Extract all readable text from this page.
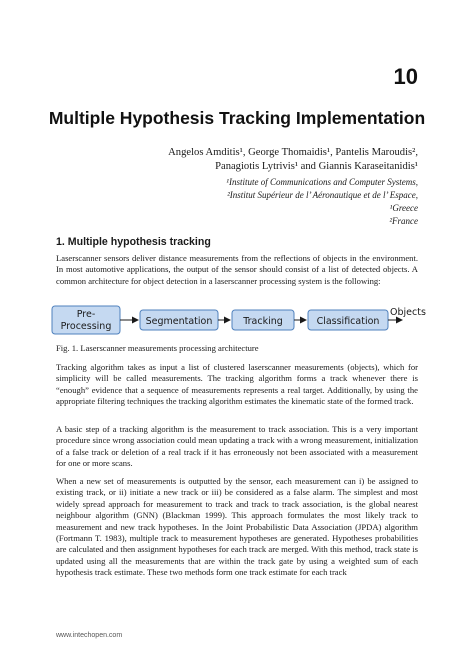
10
Multiple Hypothesis Tracking Implementation
Angelos Amditis¹, George Thomaidis¹, Pantelis Maroudis²,
Panagiotis Lytrivis¹ and Giannis Karaseitanidis¹
¹Institute of Communications and Computer Systems,
²Institut Supérieur de l’ Aéronautique et de l’ Espace,
¹Greece
²France
1. Multiple hypothesis tracking
Laserscanner sensors deliver distance measurements from the reflections of objects in the environment. In most automotive applications, the output of the sensor should consist of a list of detected objects. A common architecture for object detection in a laserscanner processing system is the following:
Pre-
Processing	Segmentation	Tracking	Classification
Objects
Fig. 1. Laserscanner measurements processing architecture
Tracking algorithm takes as input a list of clustered laserscanner measurements (objects), which for simplicity will be called measurements. The tracking algorithm forms a track whenever there is “enough” evidence that a sequence of measurements represents a real target. Additionally, by using the appropriate filtering techniques the tracking algorithm estimates the kinematic state of the formed track.
A basic step of a tracking algorithm is the measurement to track association. This is a very important procedure since wrong association could mean updating a track with a wrong measurement, initialization of a false track or deletion of a real track if it has erroneously not been associated with a measurement for one or more scans.
When a new set of measurements is outputted by the sensor, each measurement can i) be assigned to existing track, or ii) initiate a new track or iii) be considered as a false alarm. The simplest and most widely spread approach for measurement to track and track to track association, is the global nearest neighbour algorithm (GNN) (Blackman 1999). This approach formulates the most likely track to measurement and new track hypotheses. In the Joint Probabilistic Data Association (JPDA) algorithm (Fortmann T. 1983), multiple track to measurement hypotheses are generated. Hypotheses probabilities are calculated and then assignment hypotheses for each track are merged. With this method, track state is updated using all the measurements that are within the track gate by using a weighted sum of each hypothesis track estimate. These two methods form one track estimate for each track
www.intechopen.com
